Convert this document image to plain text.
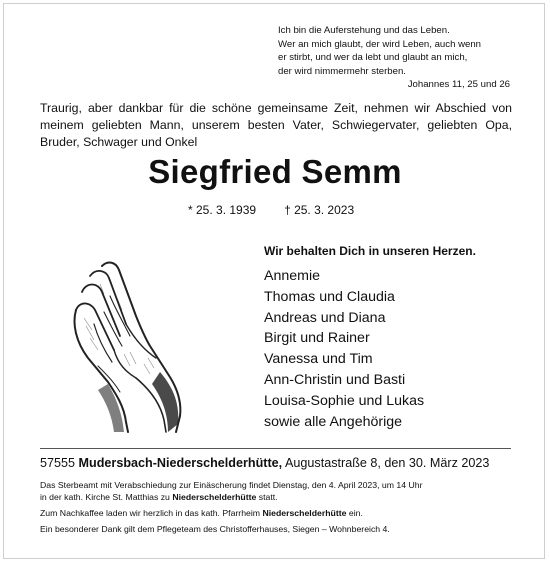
Ich bin die Auferstehung und das Leben.
Wer an mich glaubt, der wird Leben, auch wenn
er stirbt, und wer da lebt und glaubt an mich,
der wird nimmermehr sterben.
Johannes 11, 25 und 26
Traurig, aber dankbar für die schöne gemeinsame Zeit, nehmen wir Abschied von
meinem geliebten Mann, unserem besten Vater, Schwiegervater, geliebten Opa,
Bruder, Schwager und Onkel
Siegfried Semm
* 25. 3. 1939 † 25. 3. 2023
Wir behalten Dich in unseren Herzen.
Annemie
Thomas und Claudia
Andreas und Diana
Birgit und Rainer
Vanessa und Tim
Ann-Christin und Basti
Louisa-Sophie und Lukas
sowie alle Angehörige
57555 Mudersbach-Niederschelderhütte, Augustastraße 8, den 30. März 2023
Das Sterbeamt mit Verabschiedung zur Einäscherung findet Dienstag, den 4. April 2023, um 14 Uhr
in der kath. Kirche St. Matthias zu Niederschelderhütte statt.
Zum Nachkaffee laden wir herzlich in das kath. Pfarrheim Niederschelderhütte ein.
Ein besonderer Dank gilt dem Pflegeteam des Christofferhauses, Siegen – Wohnbereich 4.
